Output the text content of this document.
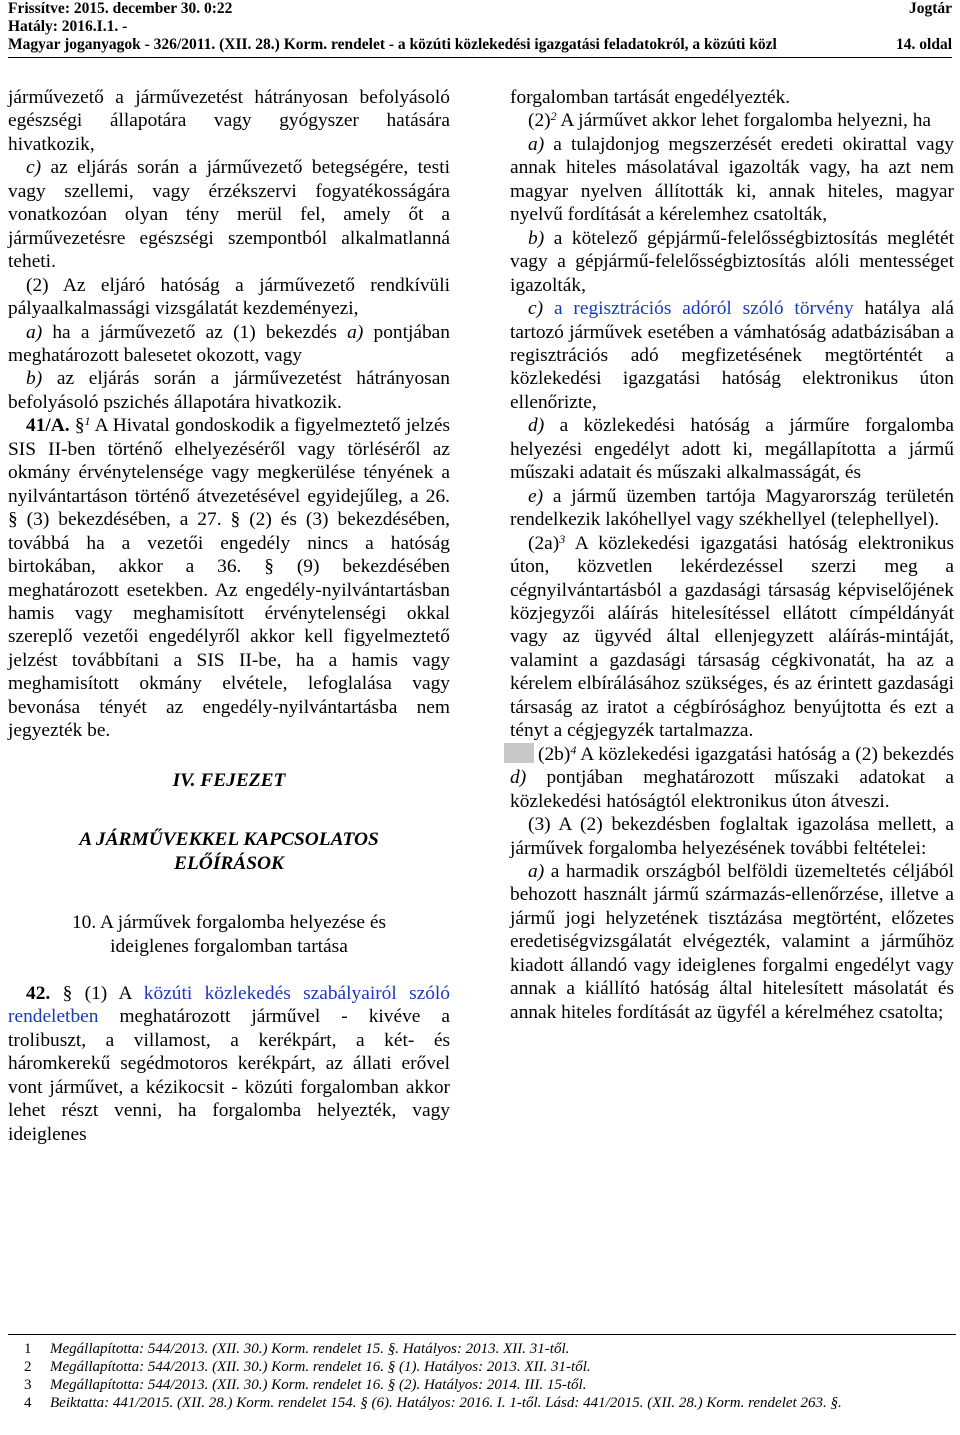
Frissítve: 2015. december 30. 0:22	Jogtár
Hatály: 2016.I.1. -
Magyar joganyagok - 326/2011. (XII. 28.) Korm. rendelet - a közúti közlekedési igazgatási feladatokról, a közúti közl	14. oldal

járművezető a járművezetést hátrányosan befolyásoló egészségi állapotára vagy gyógyszer hatására hivatkozik,

c) az eljárás során a járművezető betegségére, testi vagy szellemi, vagy érzékszervi fogyatékosságára vonatkozóan olyan tény merül fel, amely őt a járművezetésre egészségi szempontból alkalmatlanná teheti.

(2) Az eljáró hatóság a járművezető rendkívüli pályaalkalmassági vizsgálatát kezdeményezi,

a) ha a járművezető az (1) bekezdés a) pontjában meghatározott balesetet okozott, vagy

b) az eljárás során a járművezetést hátrányosan befolyásoló pszichés állapotára hivatkozik.

41/A. §$^1$ A Hivatal gondoskodik a figyelmeztető jelzés SIS II-ben történő elhelyezéséről vagy törléséről az okmány érvénytelensége vagy megkerülése tényének a nyilvántartáson történő átvezetésével egyidejűleg, a 26. § (3) bekezdésében, a 27. § (2) és (3) bekezdésében, továbbá ha a vezetői engedély nincs a hatóság birtokában, akkor a 36. § (9) bekezdésében meghatározott esetekben. Az engedély-nyilvántartásban hamis vagy meghamisított érvénytelenségi okkal szereplő vezetői engedélyről akkor kell figyelmeztető jelzést továbbítani a SIS II-be, ha a hamis vagy meghamisított okmány elvétele, lefoglalása vagy bevonása tényét az engedély-nyilvántartásba nem jegyezték be.

IV. FEJEZET

A JÁRMŰVEKKEL KAPCSOLATOS
ELŐÍRÁSOK

10. A járművek forgalomba helyezése és
ideiglenes forgalomban tartása

42. § (1) A közúti közlekedés szabályairól szóló rendeletben meghatározott járművel - kivéve a trolibuszt, a villamost, a kerékpárt, a két- és háromkerekű segédmotoros kerékpárt, az állati erővel vont járművet, a kézikocsit - közúti forgalomban akkor lehet részt venni, ha forgalomba helyezték, vagy ideiglenes

forgalomban tartását engedélyezték.

$(2)^2$ A járművet akkor lehet forgalomba helyezni, ha

a) a tulajdonjog megszerzését eredeti okirattal vagy annak hiteles másolatával igazolták vagy, ha azt nem magyar nyelven állították ki, annak hiteles, magyar nyelvű fordítását a kérelemhez csatolták,

b) a kötelező gépjármű-felelősségbiztosítás meglétét vagy a gépjármű-felelősségbiztosítás alóli mentességet igazolták,

c) a regisztrációs adóról szóló törvény hatálya alá tartozó járművek esetében a vámhatóság adatbázisában a regisztrációs adó megfizetésének megtörténtét a közlekedési igazgatási hatóság elektronikus úton ellenőrizte,

d) a közlekedési hatóság a járműre forgalomba helyezési engedélyt adott ki, megállapította a jármű műszaki adatait és műszaki alkalmasságát, és

e) a jármű üzemben tartója Magyarország területén rendelkezik lakóhellyel vagy székhellyel (telephellyel).

$(2a)^3$ A közlekedési igazgatási hatóság elektronikus úton, közvetlen lekérdezéssel szerzi meg a cégnyilvántartásból a gazdasági társaság képviselőjének közjegyzői aláírás hitelesítéssel ellátott címpéldányát vagy az ügyvéd által ellenjegyzett aláírás-mintáját, valamint a gazdasági társaság cégkivonatát, ha az a kérelem elbírálásához szükséges, és az érintett gazdasági társaság az iratot a cégbírósághoz benyújtotta és ezt a tényt a cégjegyzék tartalmazza.

$(2b)^4$ A közlekedési igazgatási hatóság a (2) bekezdés d) pontjában meghatározott műszaki adatokat a közlekedési hatóságtól elektronikus úton átveszi.

(3) A (2) bekezdésben foglaltak igazolása mellett, a járművek forgalomba helyezésének további feltételei:

a) a harmadik országból belföldi üzemeltetés céljából behozott használt jármű származás-ellenőrzése, illetve a jármű jogi helyzetének tisztázása megtörtént, előzetes eredetiségvizsgálatát elvégezték, valamint a járműhöz kiadott állandó vagy ideiglenes forgalmi engedélyt vagy annak a kiállító hatóság által hitelesített másolatát és annak hiteles fordítását az ügyfél a kérelméhez csatolta;

1	Megállapította: 544/2013. (XII. 30.) Korm. rendelet 15. §. Hatályos: 2013. XII. 31-től.
2	Megállapította: 544/2013. (XII. 30.) Korm. rendelet 16. § (1). Hatályos: 2013. XII. 31-től.
3	Megállapította: 544/2013. (XII. 30.) Korm. rendelet 16. § (2). Hatályos: 2014. III. 15-től.
4	Beiktatta: 441/2015. (XII. 28.) Korm. rendelet 154. § (6). Hatályos: 2016. I. 1-től. Lásd: 441/2015. (XII. 28.) Korm. rendelet 263. §.
